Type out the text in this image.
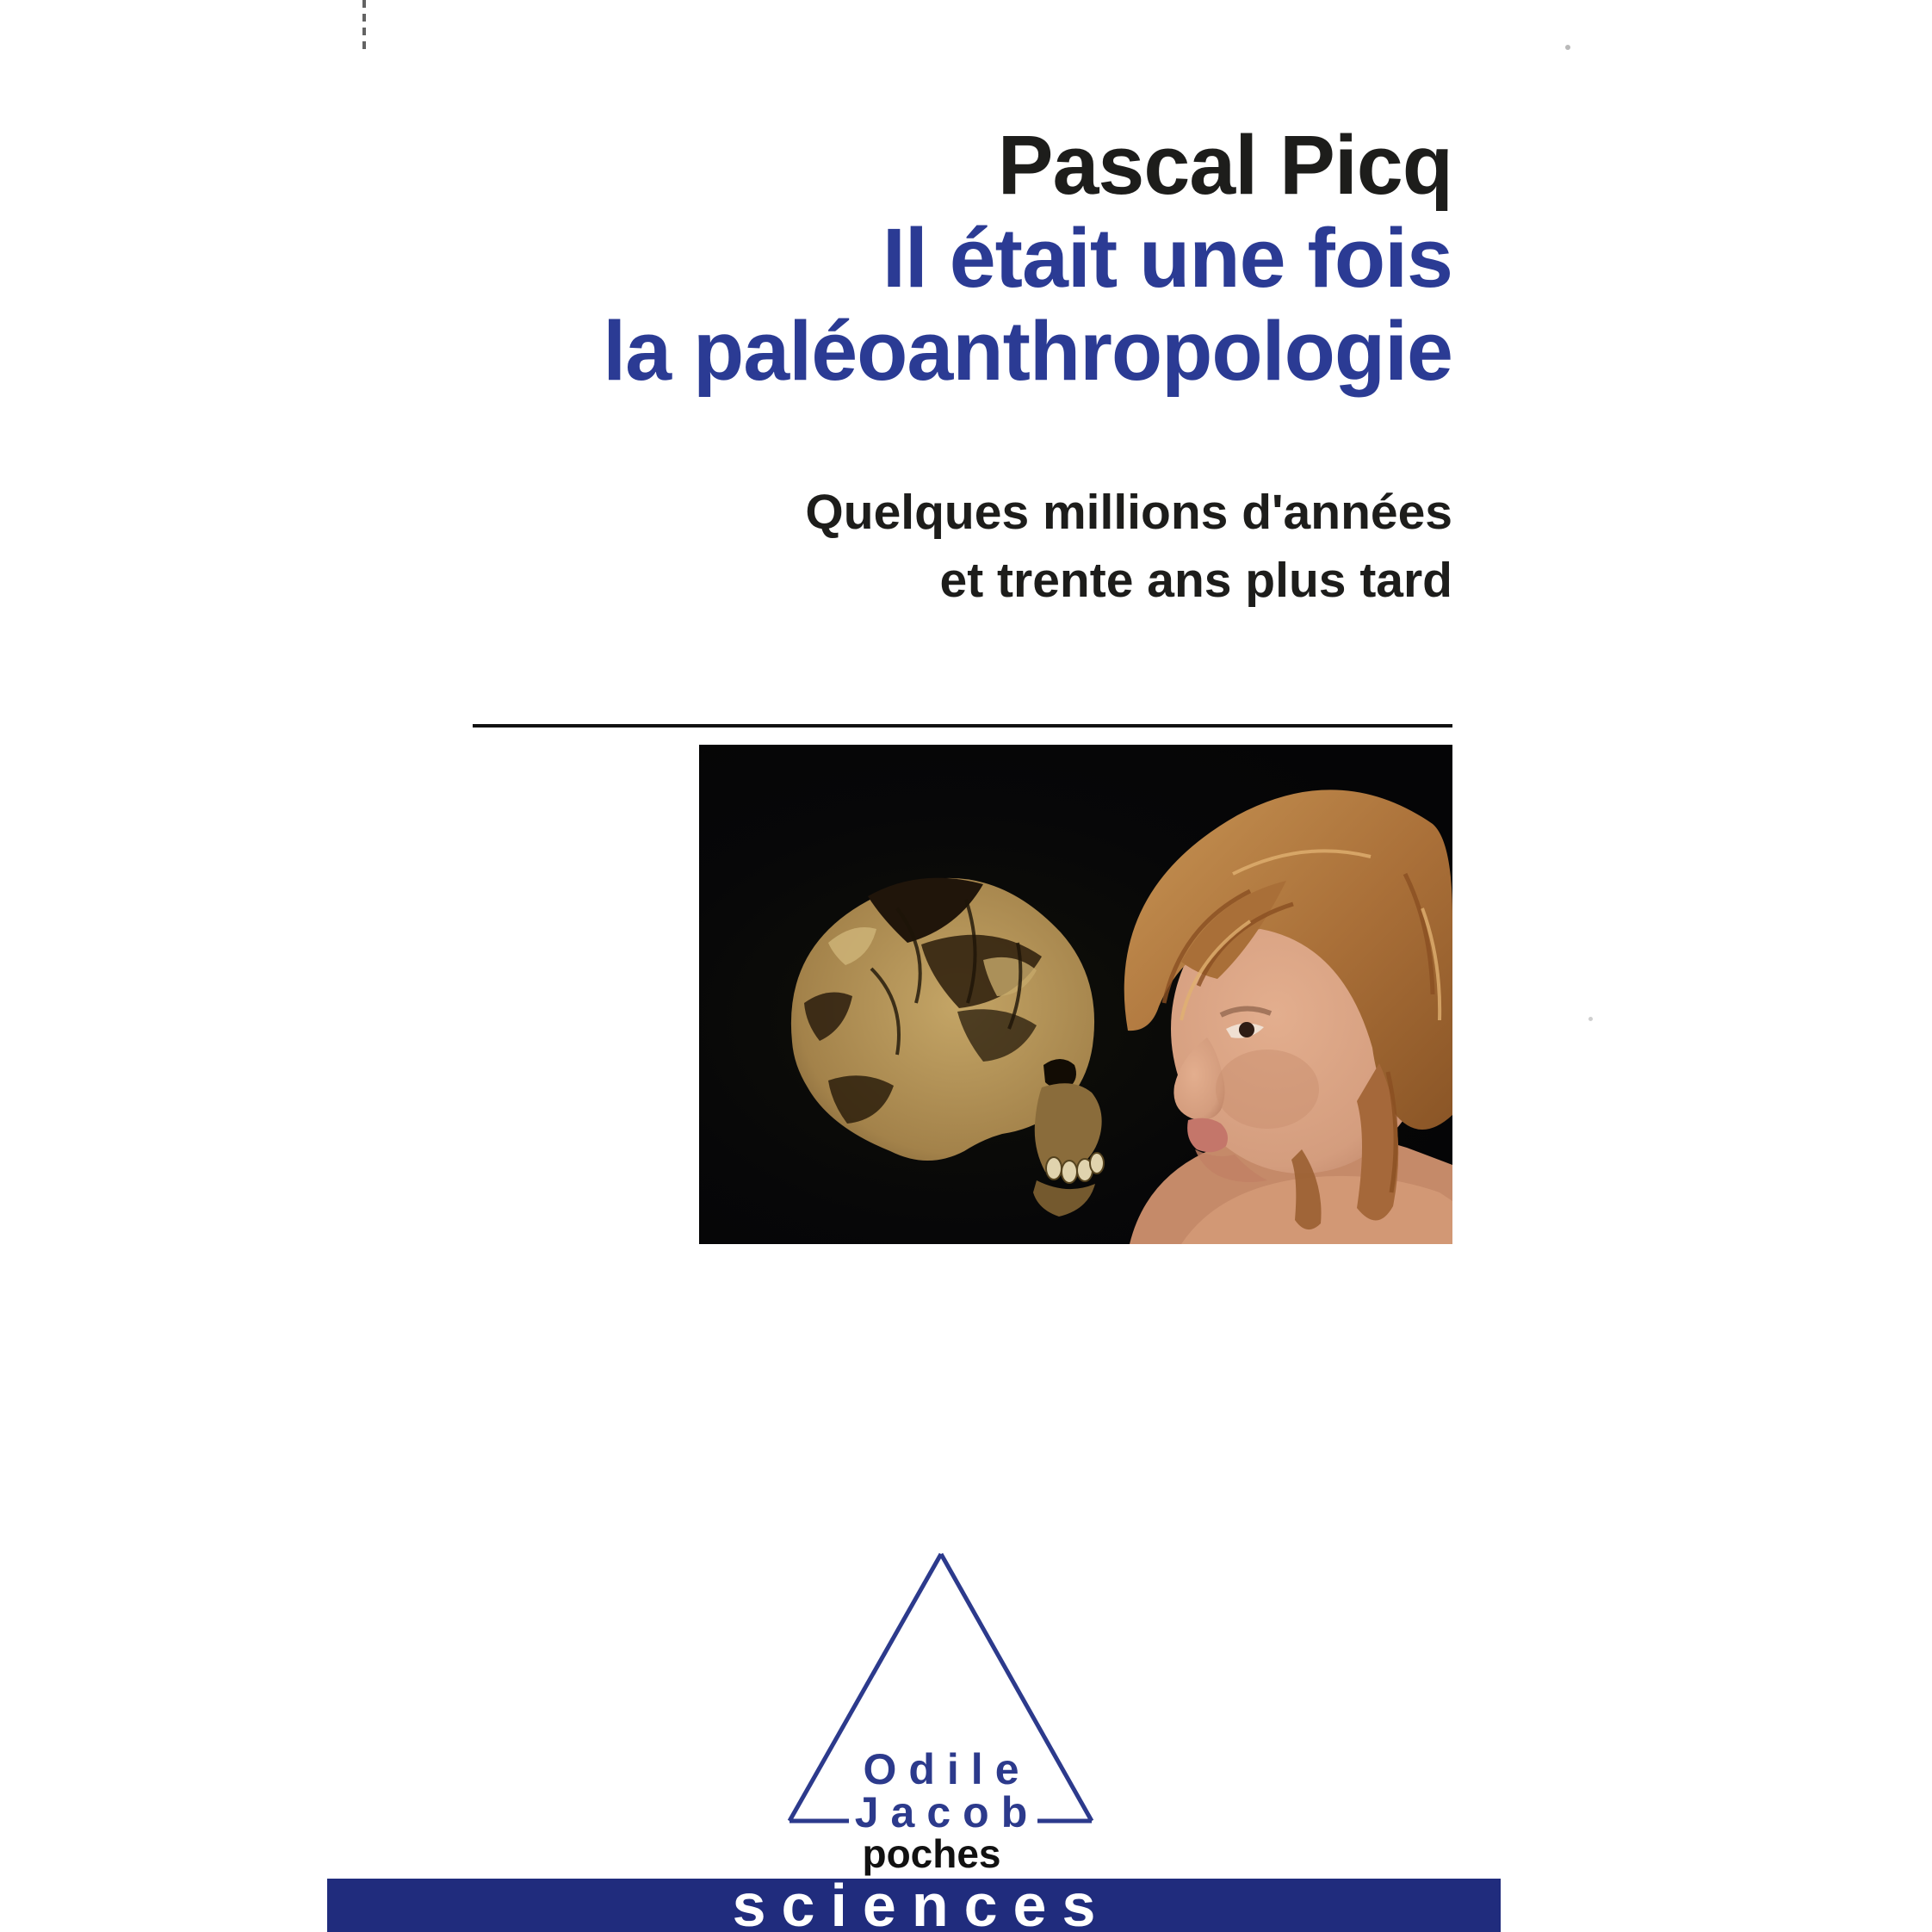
Pascal Picq
Il était une fois
la paléoanthropologie
Quelques millions d'années
et trente ans plus tard
Odile
Jacob
poches
sciences
